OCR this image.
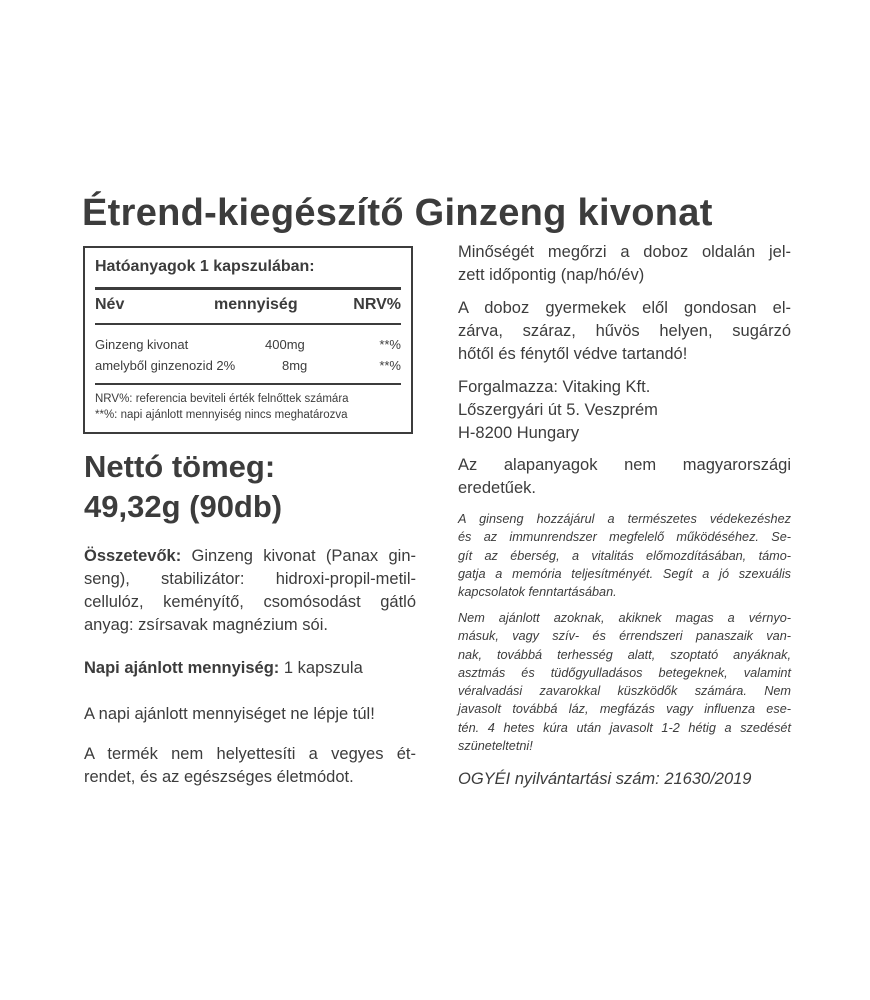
Étrend-kiegészítő Ginzeng kivonat
Hatóanyagok 1 kapszulában:
Név	mennyiség	NRV%
Ginzeng kivonat	400mg	**%
amelyből ginzenozid 2%	8mg	**%
NRV%: referencia beviteli érték felnőttek számára
**%: napi ajánlott mennyiség nincs meghatározva
Nettó tömeg:
49,32g (90db)
Összetevők: Ginzeng kivonat (Panax gin-
seng), stabilizátor: hidroxi-propil-metil-
cellulóz, keményítő, csomósodást gátló
anyag: zsírsavak magnézium sói.
Napi ajánlott mennyiség: 1 kapszula
A napi ajánlott mennyiséget ne lépje túl!
A termék nem helyettesíti a vegyes ét-
rendet, és az egészséges életmódot.
Minőségét megőrzi a doboz oldalán jel-
zett időpontig (nap/hó/év)
A doboz gyermekek elől gondosan el-
zárva, száraz, hűvös helyen, sugárzó
hőtől és fénytől védve tartandó!
Forgalmazza: Vitaking Kft.
Lőszergyári út 5. Veszprém
H-8200 Hungary
Az alapanyagok nem magyarországi
eredetűek.
A ginseng hozzájárul a természetes védekezéshez
és az immunrendszer megfelelő működéséhez. Se-
gít az éberség, a vitalitás előmozdításában, támo-
gatja a memória teljesítményét. Segít a jó szexuális
kapcsolatok fenntartásában.
Nem ajánlott azoknak, akiknek magas a vérnyo-
másuk, vagy szív- és érrendszeri panaszaik van-
nak, továbbá terhesség alatt, szoptató anyáknak,
asztmás és tüdőgyulladásos betegeknek, valamint
véralvadási zavarokkal küszködők számára. Nem
javasolt továbbá láz, megfázás vagy influenza ese-
tén. 4 hetes kúra után javasolt 1-2 hétig a szedését
szüneteltetni!
OGYÉI nyilvántartási szám: 21630/2019
